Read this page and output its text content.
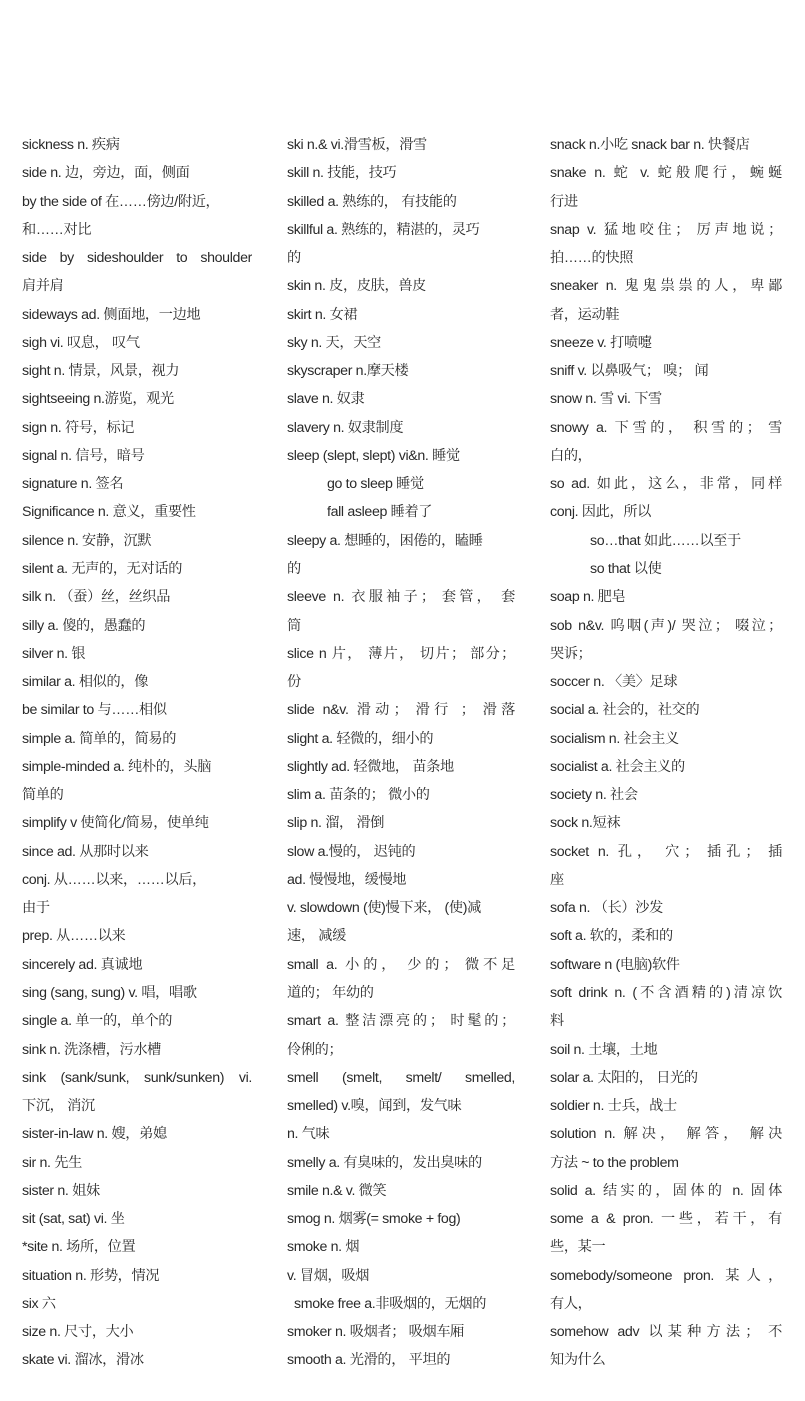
sickness n. 疾病
side n. 边，旁边，面，侧面
by the side of 在……傍边/附近，
和……对比
side by sideshoulder to shoulder
肩并肩
sideways ad. 侧面地，一边地
sigh vi. 叹息， 叹气
sight n. 情景，风景，视力
sightseeing n.游览，观光
sign n. 符号，标记
signal n. 信号，暗号
signature n. 签名
Significance n. 意义，重要性
silence n. 安静，沉默
silent a. 无声的，无对话的
silk n. （蚕）丝，丝织品
silly a. 傻的，愚蠢的
silver n. 银
similar a. 相似的，像
be similar to 与……相似
simple a. 简单的，简易的
simple-minded a. 纯朴的，头脑
简单的
simplify v 使简化/简易，使单纯
since ad. 从那时以来
conj. 从……以来，……以后，
由于
prep. 从……以来
sincerely ad. 真诚地
sing (sang, sung) v. 唱，唱歌
single a. 单一的，单个的
sink n. 洗涤槽，污水槽
sink (sank/sunk, sunk/sunken) vi.
下沉， 消沉
sister-in-law n. 嫂，弟媳
sir n. 先生
sister n. 姐妹
sit (sat, sat) vi. 坐
*site n. 场所，位置
situation n. 形势，情况
six 六
size n. 尺寸，大小
skate vi. 溜冰，滑冰
ski n.& vi.滑雪板，滑雪
skill n. 技能，技巧
skilled a. 熟练的， 有技能的
skillful a. 熟练的，精湛的，灵巧
的
skin n. 皮，皮肤，兽皮
skirt n. 女裙
sky n. 天，天空
skyscraper n.摩天楼
slave n. 奴隶
slavery n. 奴隶制度
sleep (slept, slept) vi&n. 睡觉
go to sleep 睡觉
fall asleep 睡着了
sleepy a. 想睡的，困倦的，瞌睡
的
sleeve n. 衣服袖子； 套管， 套
筒
slice n 片， 薄片， 切片； 部分；
份
slide n&v. 滑动； 滑行 ； 滑落
slight a. 轻微的，细小的
slightly ad. 轻微地， 苗条地
slim a. 苗条的； 微小的
slip n. 溜， 滑倒
slow a.慢的， 迟钝的
ad. 慢慢地，缓慢地
v. slowdown (使)慢下来， (使)减
速， 减缓
small a. 小的， 少的； 微不足
道的； 年幼的
smart a. 整洁漂亮的； 时髦的；
伶俐的；
smell (smelt, smelt/ smelled,
smelled) v.嗅，闻到，发气味
n. 气味
smelly a. 有臭味的，发出臭味的
smile n.& v. 微笑
smog n. 烟雾(= smoke + fog)
smoke n. 烟
v. 冒烟，吸烟
smoke free a.非吸烟的，无烟的
smoker n. 吸烟者； 吸烟车厢
smooth a. 光滑的， 平坦的
snack n.小吃 snack bar n. 快餐店
snake n. 蛇 v. 蛇般爬行，蜿蜒
行进
snap v. 猛地咬住； 厉声地说；
拍……的快照
sneaker n. 鬼鬼祟祟的人，卑鄙
者，运动鞋
sneeze v. 打喷嚏
sniff v. 以鼻吸气； 嗅； 闻
snow n. 雪 vi. 下雪
snowy a. 下雪的， 积雪的； 雪
白的，
so ad. 如此，这么，非常，同样
conj. 因此，所以
so…that 如此……以至于
so that 以使
soap n. 肥皂
sob n&v. 呜咽(声)/ 哭泣； 啜泣；
哭诉；
soccer n. 〈美〉足球
social a. 社会的，社交的
socialism n. 社会主义
socialist a. 社会主义的
society n. 社会
sock n.短袜
socket n. 孔， 穴； 插孔； 插
座
sofa n. （长）沙发
soft a. 软的，柔和的
software n (电脑)软件
soft drink n. (不含酒精的)清凉饮
料
soil n. 土壤，土地
solar a. 太阳的， 日光的
soldier n. 士兵，战士
solution n. 解决， 解答， 解决
方法 ~ to the problem
solid a. 结实的，固体的 n. 固体
some a & pron. 一些，若干，有
些，某一
somebody/someone pron. 某人，
有人，
somehow adv 以某种方法； 不
知为什么
